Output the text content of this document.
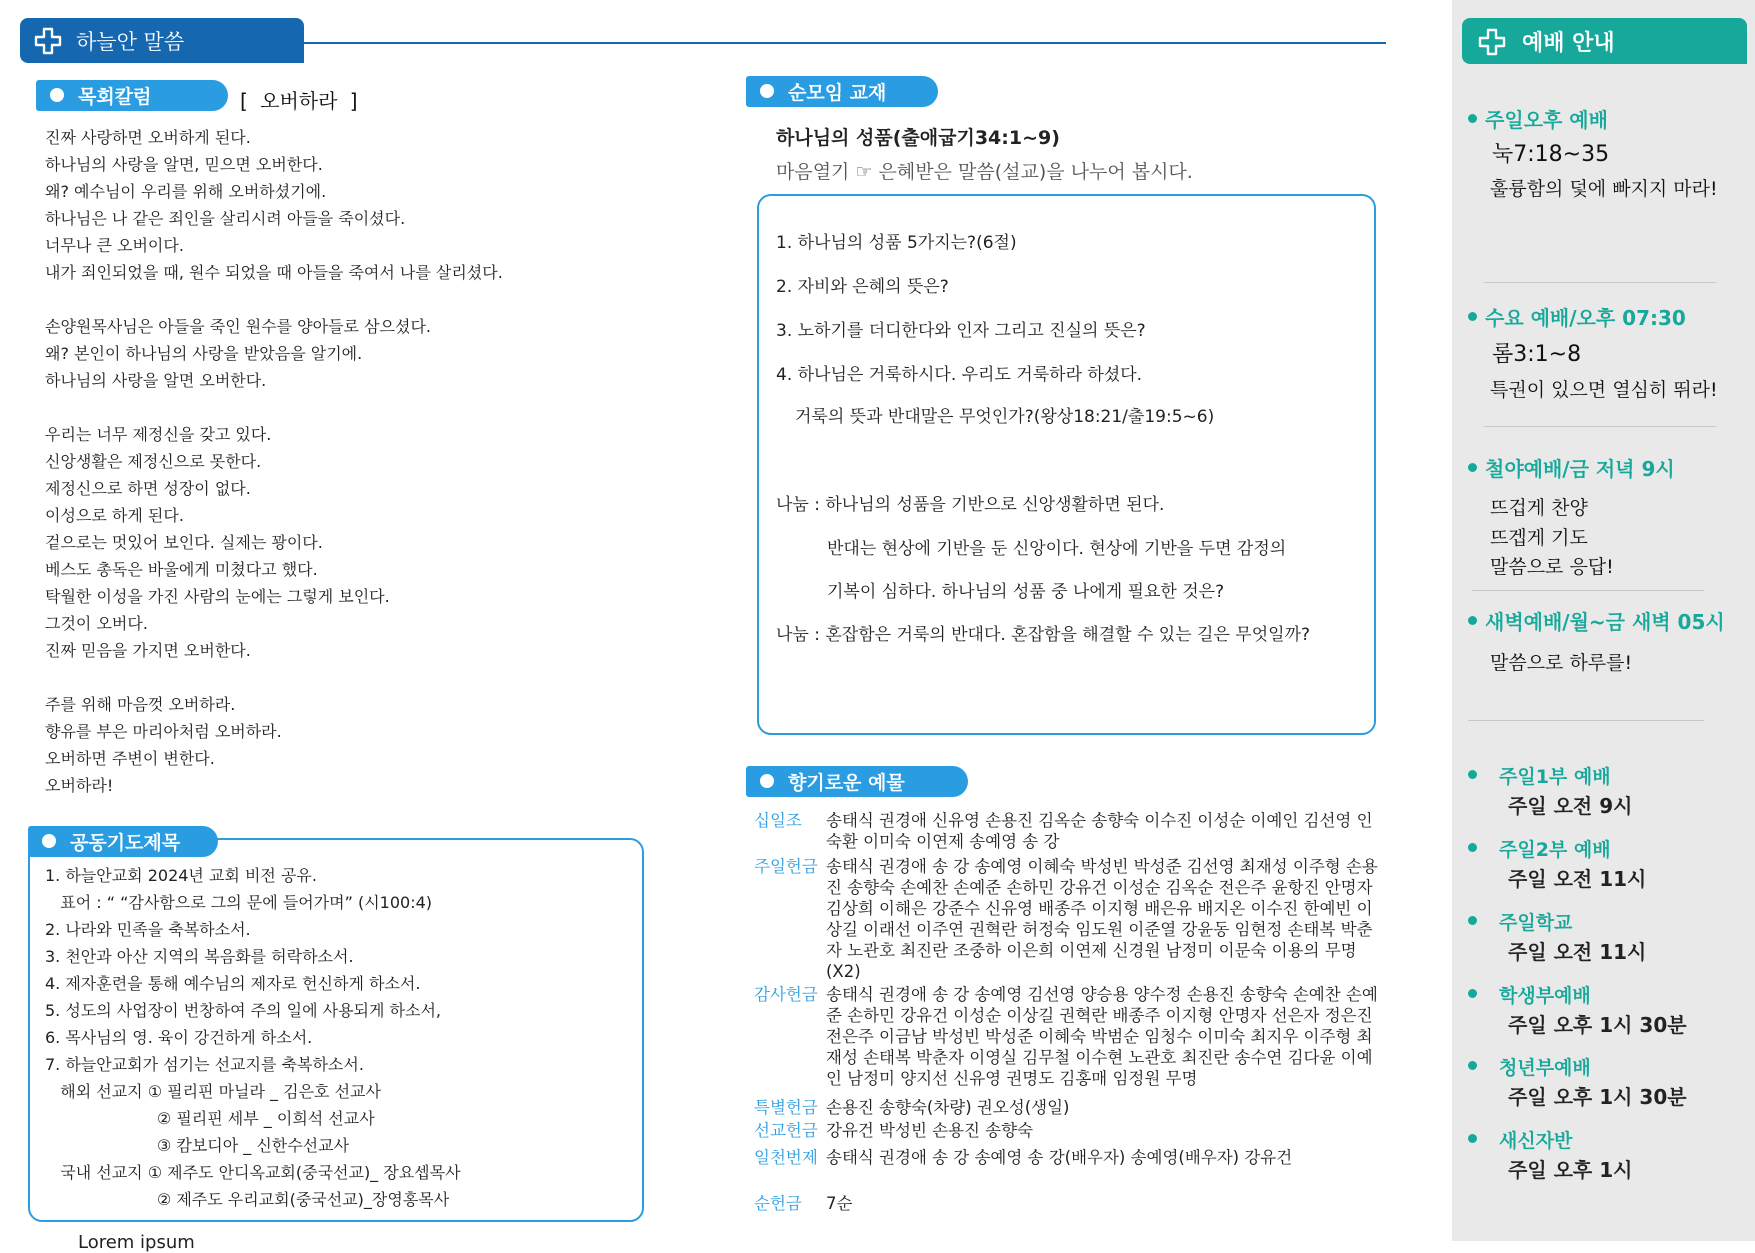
하늘안 말씀
목회칼럼	[ 오버하라 ]
진짜 사랑하면 오버하게 된다.
하나님의 사랑을 알면, 믿으면 오버한다.
왜? 예수님이 우리를 위해 오버하셨기에.
하나님은 나 같은 죄인을 살리시려 아들을 죽이셨다.
너무나 큰 오버이다.
내가 죄인되었을 때, 원수 되었을 때 아들을 죽여서 나를 살리셨다.
손양원목사님은 아들을 죽인 원수를 양아들로 삼으셨다.
왜? 본인이 하나님의 사랑을 받았음을 알기에.
하나님의 사랑을 알면 오버한다.
우리는 너무 제정신을 갖고 있다.
신앙생활은 제정신으로 못한다.
제정신으로 하면 성장이 없다.
이성으로 하게 된다.
겉으로는 멋있어 보인다. 실제는 꽝이다.
베스도 총독은 바울에게 미쳤다고 했다.
탁월한 이성을 가진 사람의 눈에는 그렇게 보인다.
그것이 오버다.
진짜 믿음을 가지면 오버한다.
주를 위해 마음껏 오버하라.
향유를 부은 마리아처럼 오버하라.
오버하면 주변이 변한다.
오버하라!
공동기도제목
1. 하늘안교회 2024년 교회 비전 공유.
표어 : “ “감사함으로 그의 문에 들어가며” (시100:4)
2. 나라와 민족을 축복하소서.
3. 천안과 아산 지역의 복음화를 허락하소서.
4. 제자훈련을 통해 예수님의 제자로 헌신하게 하소서.
5. 성도의 사업장이 번창하여 주의 일에 사용되게 하소서,
6. 목사님의 영. 육이 강건하게 하소서.
7. 하늘안교회가 섬기는 선교지를 축복하소서.
해외 선교지 ① 필리핀 마닐라 _ 김은호 선교사
② 필리핀 세부 _ 이희석 선교사
③ 캄보디아 _ 신한수선교사
국내 선교지 ① 제주도 안디옥교회(중국선교)_ 장요셉목사
② 제주도 우리교회(중국선교)_장영홍목사
순모임 교재
하나님의 성품(출애굽기34:1~9)
마음열기 ☞ 은혜받은 말씀(설교)을 나누어 봅시다.
1. 하나님의 성품 5가지는?(6절)
2. 자비와 은혜의 뜻은?
3. 노하기를 더디한다와 인자 그리고 진실의 뜻은?
4. 하나님은 거룩하시다. 우리도 거룩하라 하셨다.
거룩의 뜻과 반대말은 무엇인가?(왕상18:21/출19:5~6)
나눔 : 하나님의 성품을 기반으로 신앙생활하면 된다.
반대는 현상에 기반을 둔 신앙이다. 현상에 기반을 두면 감정의
기복이 심하다. 하나님의 성품 중 나에게 필요한 것은?
나눔 : 혼잡함은 거룩의 반대다. 혼잡함을 해결할 수 있는 길은 무엇일까?
향기로운 예물
십일조 송태식 권경애 신유영 손용진 김옥순 송향숙 이수진 이성순 이예인 김선영 인숙환 이미숙 이연제 송예영 송 강
주일헌금 송태식 권경애 송 강 송예영 이혜숙 박성빈 박성준 김선영 최재성 이주형 손용진 송향숙 손예찬 손예준 손하민 강유건 이성순 김옥순 전은주 윤항진 안명자 김상희 이해은 강준수 신유영 배종주 이지형 배은유 배지온 이수진 한예빈 이상길 이래선 이주연 권혁란 허정숙 임도원 이준열 강윤동 임현정 손태복 박춘자 노관호 최진란 조중하 이은희 이연제 신경원 남정미 이문숙 이용의 무명(X2)
감사헌금 송태식 권경애 송 강 송예영 김선영 양승용 양수정 손용진 송향숙 손예찬 손예준 손하민 강유건 이성순 이상길 권혁란 배종주 이지형 안명자 선은자 정은진 전은주 이금남 박성빈 박성준 이혜숙 박범순 임청수 이미숙 최지우 이주형 최재성 손태복 박춘자 이영실 김무철 이수현 노관호 최진란 송수연 김다윤 이예인 남정미 양지선 신유영 권명도 김홍매 임정원 무명
특별헌금 손용진 송향숙(차량) 권오성(생일)
선교헌금 강유건 박성빈 손용진 송향숙
일천번제 송태식 권경애 송 강 송예영 송 강(배우자) 송예영(배우자) 강유건
순헌금 7순
예배 안내
주일오후 예배
눅7:18~35
훌륭함의 덫에 빠지지 마라!
수요 예배/오후 07:30
롬3:1~8
특권이 있으면 열심히 뛰라!
철야예배/금 저녁 9시
뜨겁게 찬양
뜨겝게 기도
말씀으로 응답!
새벽예배/월~금 새벽 05시
말씀으로 하루를!
주일1부 예배
주일 오전 9시
주일2부 예배
주일 오전 11시
주일학교
주일 오전 11시
학생부예배
주일 오후 1시 30분
청년부예배
주일 오후 1시 30분
새신자반
주일 오후 1시
Lorem ipsum
